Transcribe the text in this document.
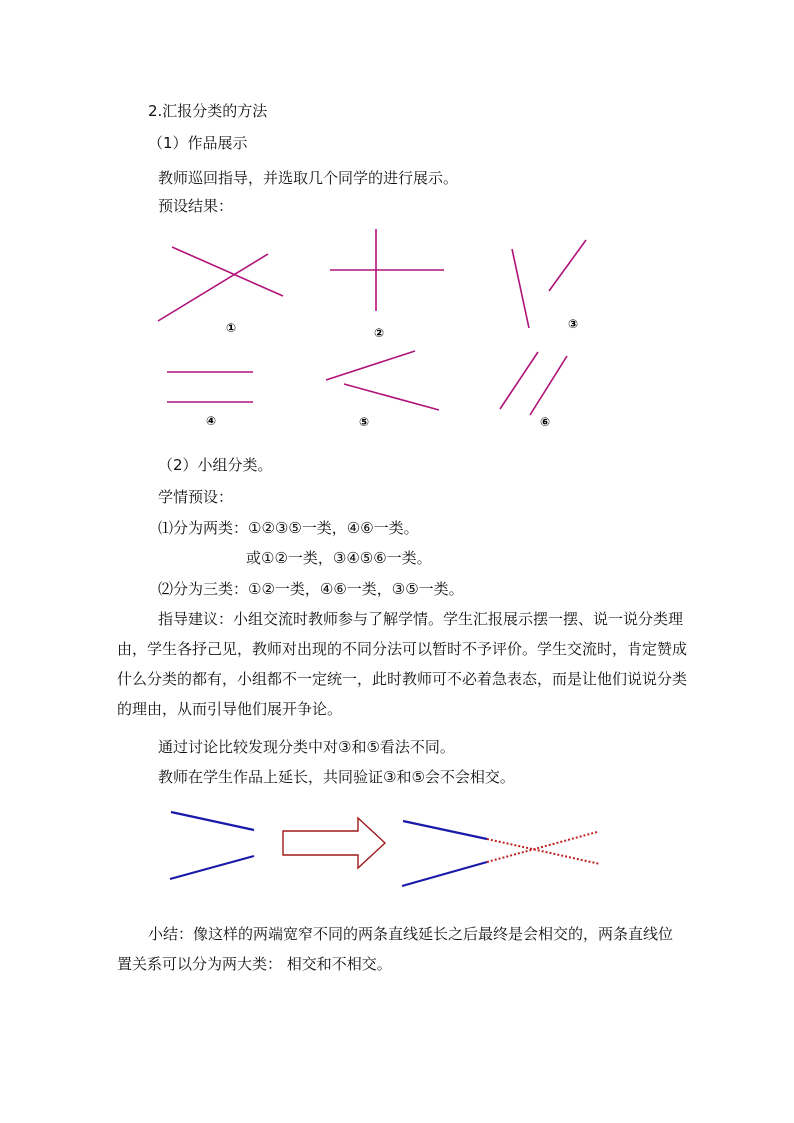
2.汇报分类的方法
（1）作品展示
教师巡回指导，并选取几个同学的进行展示。
预设结果：
①	②
③
④	⑤	⑥
（2）小组分类。
学情预设：
⑴分为两类：①②③⑤一类，④⑥一类。
或①②一类，③④⑤⑥一类。
⑵分为三类：①②一类，④⑥一类，③⑤一类。
指导建议：小组交流时教师参与了解学情。学生汇报展示摆一摆、说一说分类理由，学生各抒己见，教师对出现的不同分法可以暂时不予评价。学生交流时，肯定赞成什么分类的都有，小组都不一定统一，此时教师可不必着急表态，而是让他们说说分类的理由，从而引导他们展开争论。
通过讨论比较发现分类中对③和⑤看法不同。
教师在学生作品上延长，共同验证③和⑤会不会相交。
小结：像这样的两端宽窄不同的两条直线延长之后最终是会相交的，两条直线位置关系可以分为两大类： 相交和不相交。
